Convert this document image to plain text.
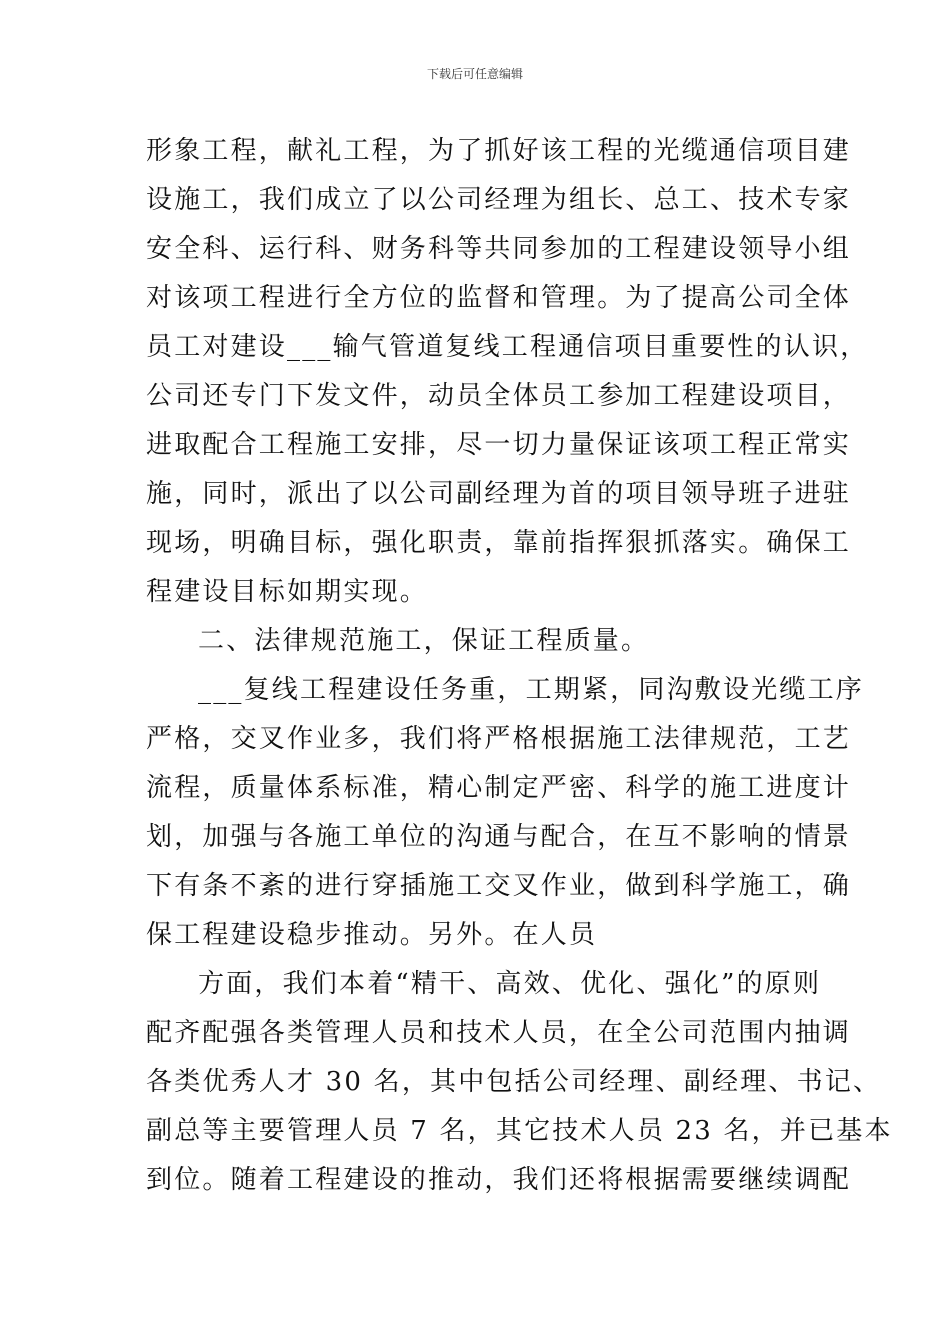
下载后可任意编辑
形象工程，献礼工程，为了抓好该工程的光缆通信项目建
设施工，我们成立了以公司经理为组长、总工、技术专家
安全科、运行科、财务科等共同参加的工程建设领导小组
对该项工程进行全方位的监督和管理。为了提高公司全体
员工对建设___输气管道复线工程通信项目重要性的认识，
公司还专门下发文件，动员全体员工参加工程建设项目，
进取配合工程施工安排，尽一切力量保证该项工程正常实
施，同时，派出了以公司副经理为首的项目领导班子进驻
现场，明确目标，强化职责，靠前指挥狠抓落实。确保工
程建设目标如期实现。
二、法律规范施工，保证工程质量。
___复线工程建设任务重，工期紧，同沟敷设光缆工序
严格，交叉作业多，我们将严格根据施工法律规范，工艺
流程，质量体系标准，精心制定严密、科学的施工进度计
划，加强与各施工单位的沟通与配合，在互不影响的情景
下有条不紊的进行穿插施工交叉作业，做到科学施工，确
保工程建设稳步推动。另外。在人员
方面，我们本着“精干、高效、优化、强化”的原则
配齐配强各类管理人员和技术人员，在全公司范围内抽调
各类优秀人才 30 名，其中包括公司经理、副经理、书记、
副总等主要管理人员 7 名，其它技术人员 23 名，并已基本
到位。随着工程建设的推动，我们还将根据需要继续调配
